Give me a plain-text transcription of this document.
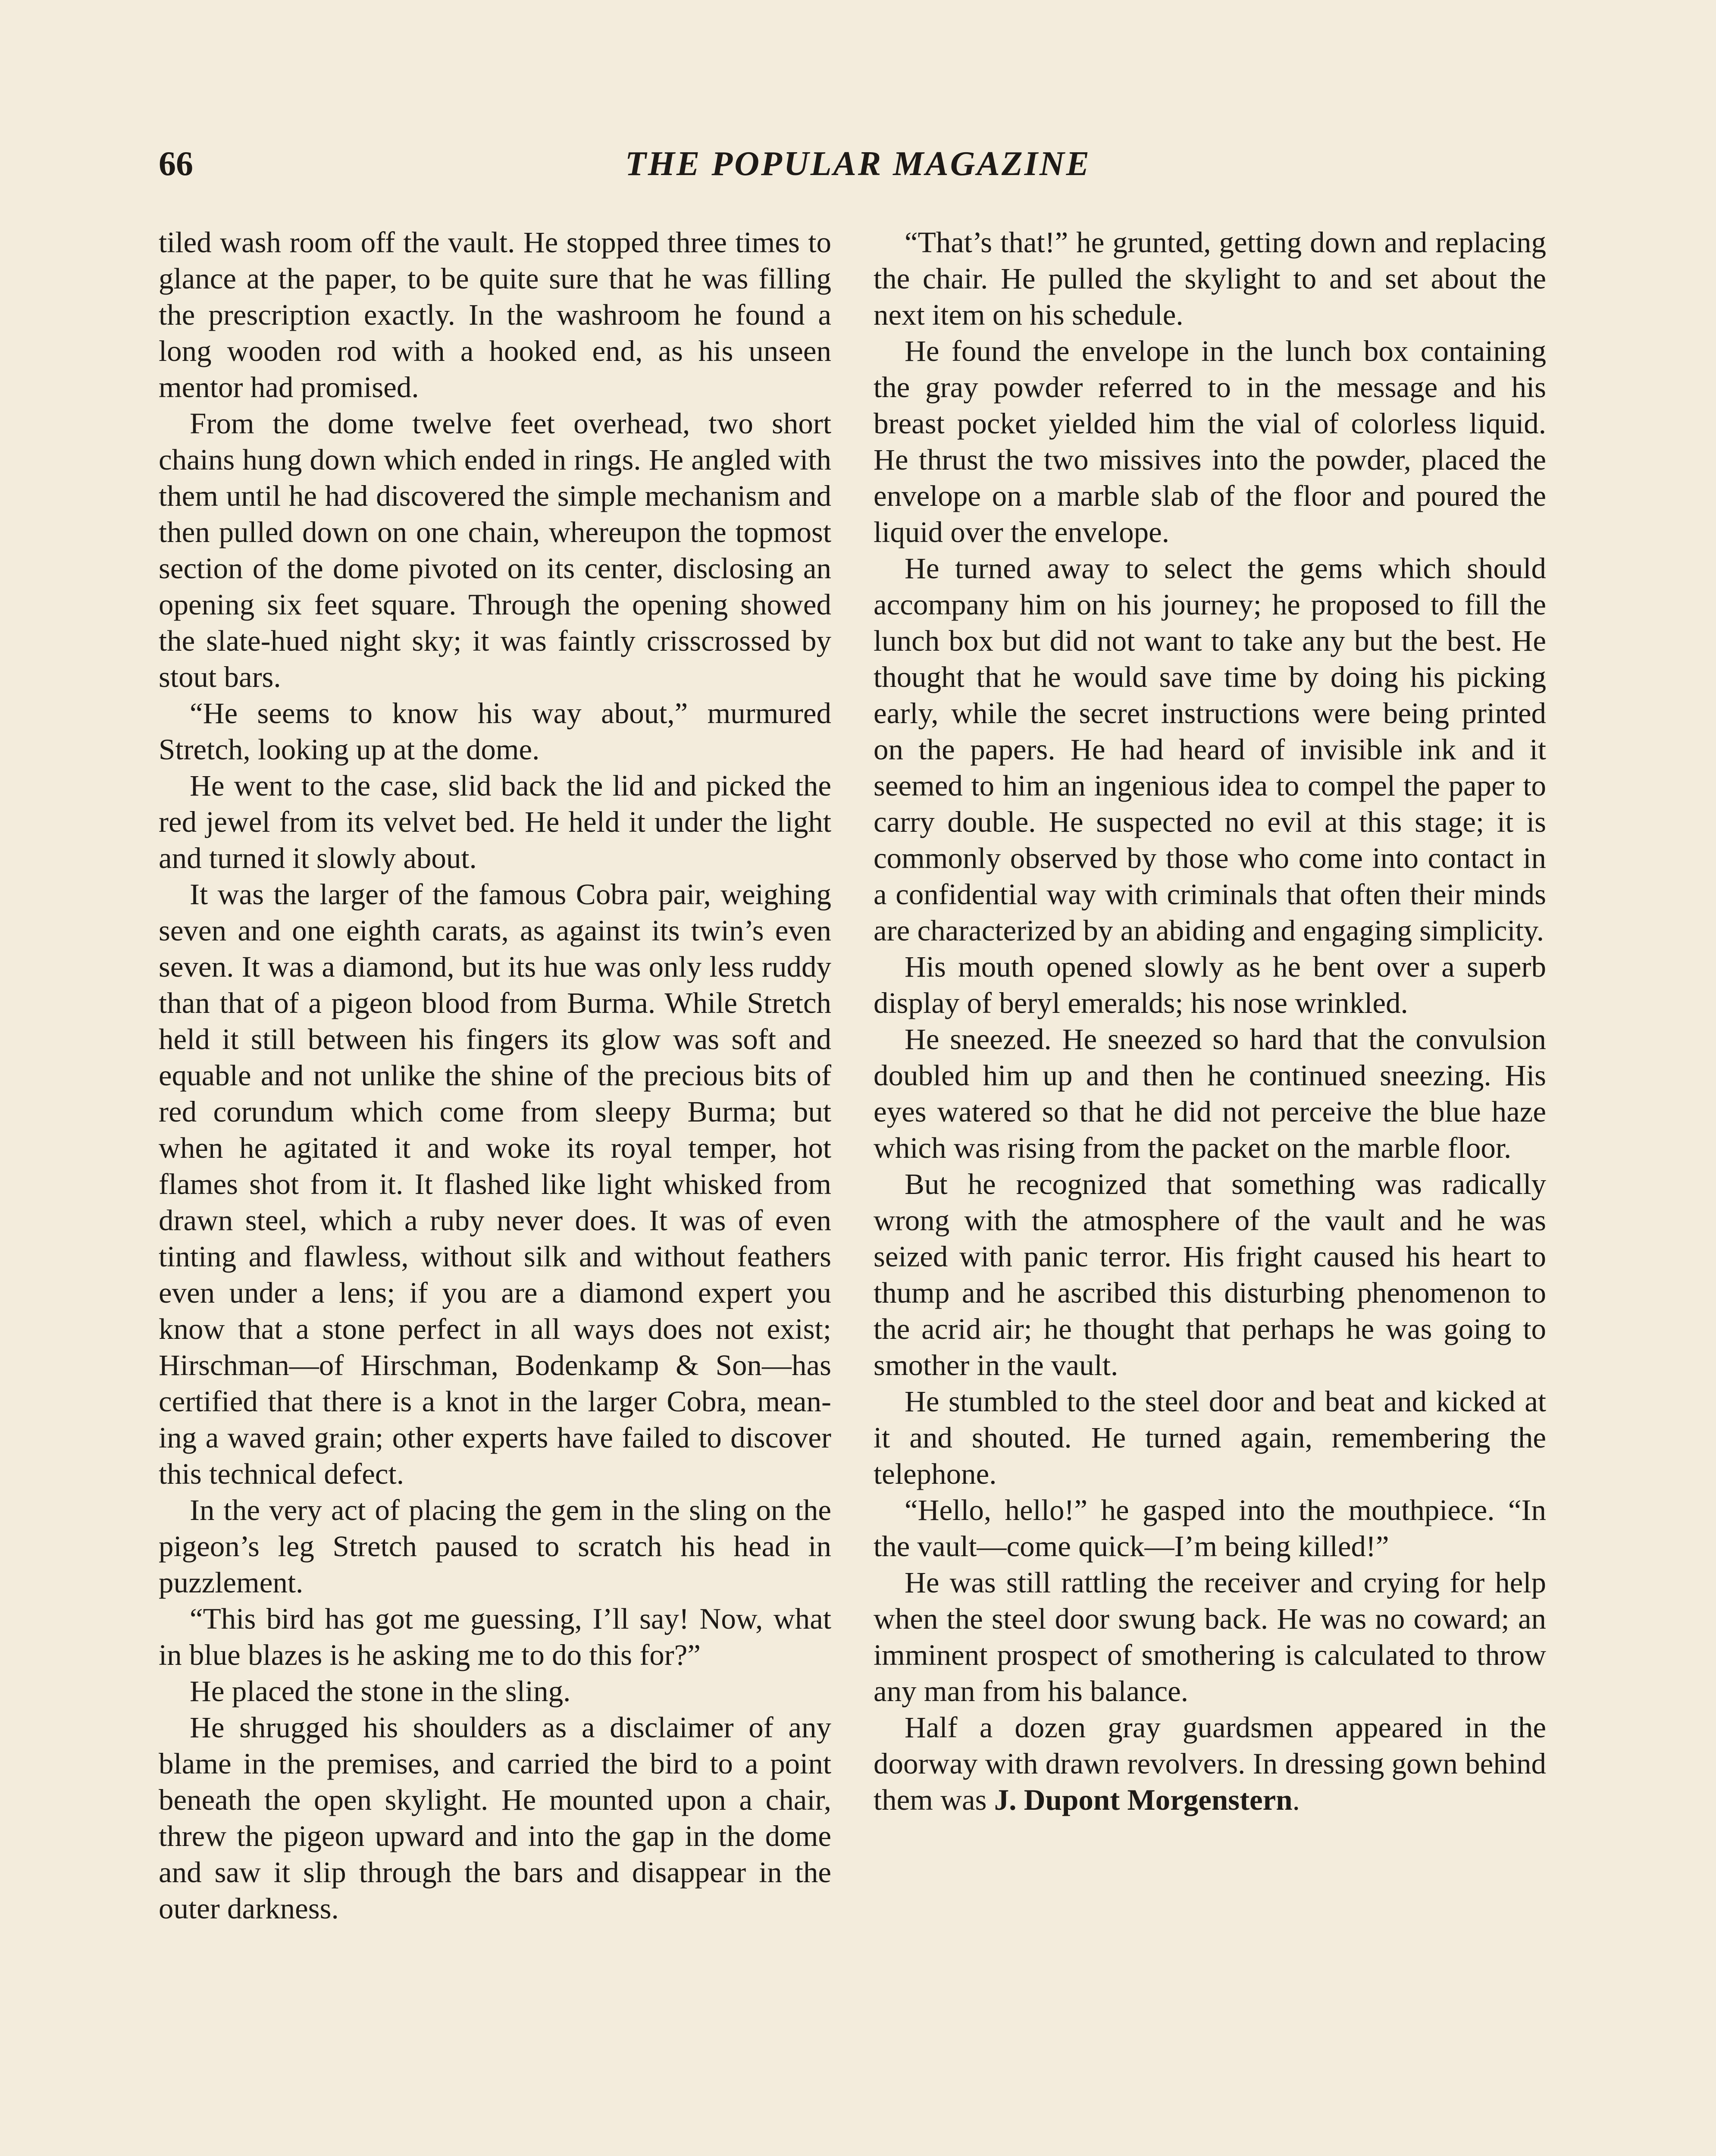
66	THE POPULAR MAGAZINE

tiled wash room off the vault. He stopped three times to glance at the paper, to be quite sure that he was filling the prescription exactly. In the washroom he found a long wooden rod with a hooked end, as his unseen mentor had promised.

From the dome twelve feet overhead, two short chains hung down which ended in rings. He angled with them until he had discovered the simple mechanism and then pulled down on one chain, whereupon the topmost section of the dome pivoted on its center, disclosing an opening six feet square. Through the opening showed the slate-hued night sky; it was faintly crisscrossed by stout bars.

“He seems to know his way about,” murmured Stretch, looking up at the dome.

He went to the case, slid back the lid and picked the red jewel from its velvet bed. He held it under the light and turned it slowly about.

It was the larger of the famous Cobra pair, weighing seven and one eighth carats, as against its twin’s even seven. It was a diamond, but its hue was only less ruddy than that of a pigeon blood from Burma. While Stretch held it still between his fingers its glow was soft and equable and not unlike the shine of the precious bits of red corundum which come from sleepy Burma; but when he agitated it and woke its royal temper, hot flames shot from it. It flashed like light whisked from drawn steel, which a ruby never does. It was of even tinting and flawless, without silk and without feathers even under a lens; if you are a diamond expert you know that a stone perfect in all ways does not exist; Hirschman—of Hirschman, Bodenkamp & Son—has certified that there is a knot in the larger Cobra, meaning a waved grain; other experts have failed to discover this technical defect.

In the very act of placing the gem in the sling on the pigeon’s leg Stretch paused to scratch his head in puzzlement.

“This bird has got me guessing, I’ll say! Now, what in blue blazes is he asking me to do this for?”

He placed the stone in the sling.

He shrugged his shoulders as a disclaimer of any blame in the premises, and carried the bird to a point beneath the open skylight. He mounted upon a chair, threw the pigeon upward and into the gap in the dome and saw it slip through the bars and disappear in the outer darkness.

“That’s that!” he grunted, getting down and replacing the chair. He pulled the skylight to and set about the next item on his schedule.

He found the envelope in the lunch box containing the gray powder referred to in the message and his breast pocket yielded him the vial of colorless liquid. He thrust the two missives into the powder, placed the envelope on a marble slab of the floor and poured the liquid over the envelope.

He turned away to select the gems which should accompany him on his journey; he proposed to fill the lunch box but did not want to take any but the best. He thought that he would save time by doing his picking early, while the secret instructions were being printed on the papers. He had heard of invisible ink and it seemed to him an ingenious idea to compel the paper to carry double. He suspected no evil at this stage; it is commonly observed by those who come into contact in a confidential way with criminals that often their minds are characterized by an abiding and engaging simplicity.

His mouth opened slowly as he bent over a superb display of beryl emeralds; his nose wrinkled.

He sneezed. He sneezed so hard that the convulsion doubled him up and then he continued sneezing. His eyes watered so that he did not perceive the blue haze which was rising from the packet on the marble floor.

But he recognized that something was radically wrong with the atmosphere of the vault and he was seized with panic terror. His fright caused his heart to thump and he ascribed this disturbing phenomenon to the acrid air; he thought that perhaps he was going to smother in the vault.

He stumbled to the steel door and beat and kicked at it and shouted. He turned again, remembering the telephone.

“Hello, hello!” he gasped into the mouthpiece. “In the vault—come quick—I’m being killed!”

He was still rattling the receiver and crying for help when the steel door swung back. He was no coward; an imminent prospect of smothering is calculated to throw any man from his balance.

Half a dozen gray guardsmen appeared in the doorway with drawn revolvers. In dressing gown behind them was J. Dupont Morgenstern.
